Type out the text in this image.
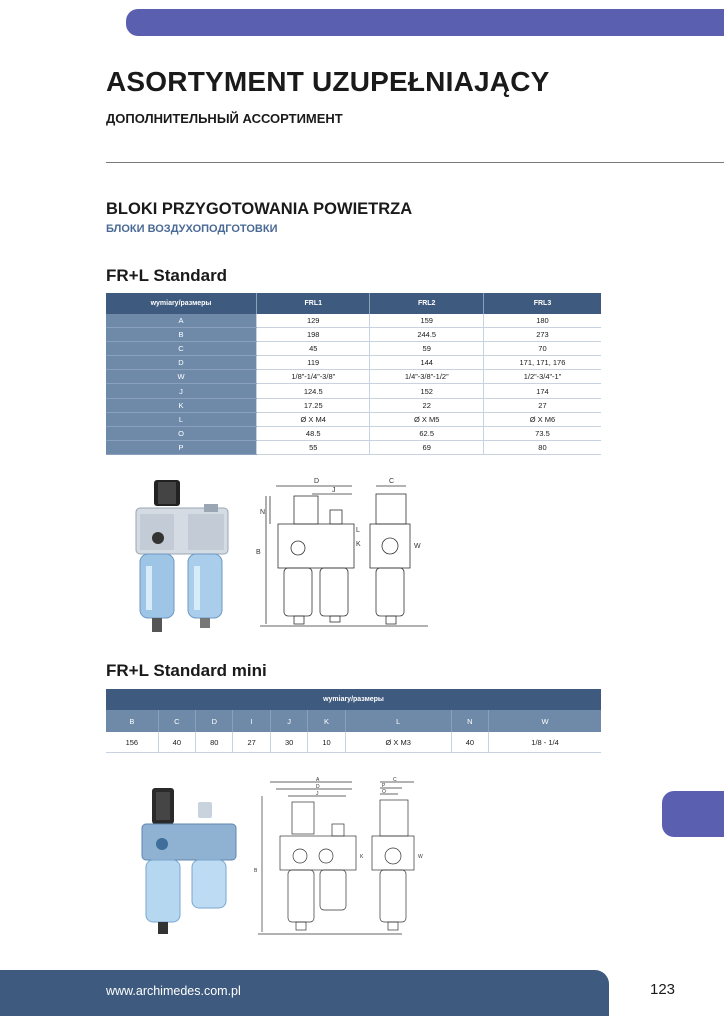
ASORTYMENT UZUPEŁNIAJĄCY
ДОПОЛНИТЕЛЬНЫЙ АССОРТИМЕНТ
BLOKI PRZYGOTOWANIA POWIETRZA
БЛОКИ ВОЗДУХОПОДГОТОВКИ
FR+L Standard
wymiary/размеры	FRL1	FRL2	FRL3
A	129	159	180
B	198	244.5	273
C	45	59	70
D	119	144	171, 171, 176
W	1/8”-1/4”-3/8”	1/4”-3/8”-1/2”	1/2”-3/4”-1”
J	124.5	152	174
K	17.25	22	27
L	Ø X M4	Ø X M5	Ø X M6
O	48.5	62.5	73.5
P	55	69	80
D
J
C
N
L
K	W
B
FR+L Standard mini
wymiary/размеры								
B	C	D	I	J	K	L	N	W
156	40	80	27	30	10	Ø X M3	40	1/8 - 1/4
A
D
J
C
P
O
K
B
W
www.archimedes.com.pl	123
